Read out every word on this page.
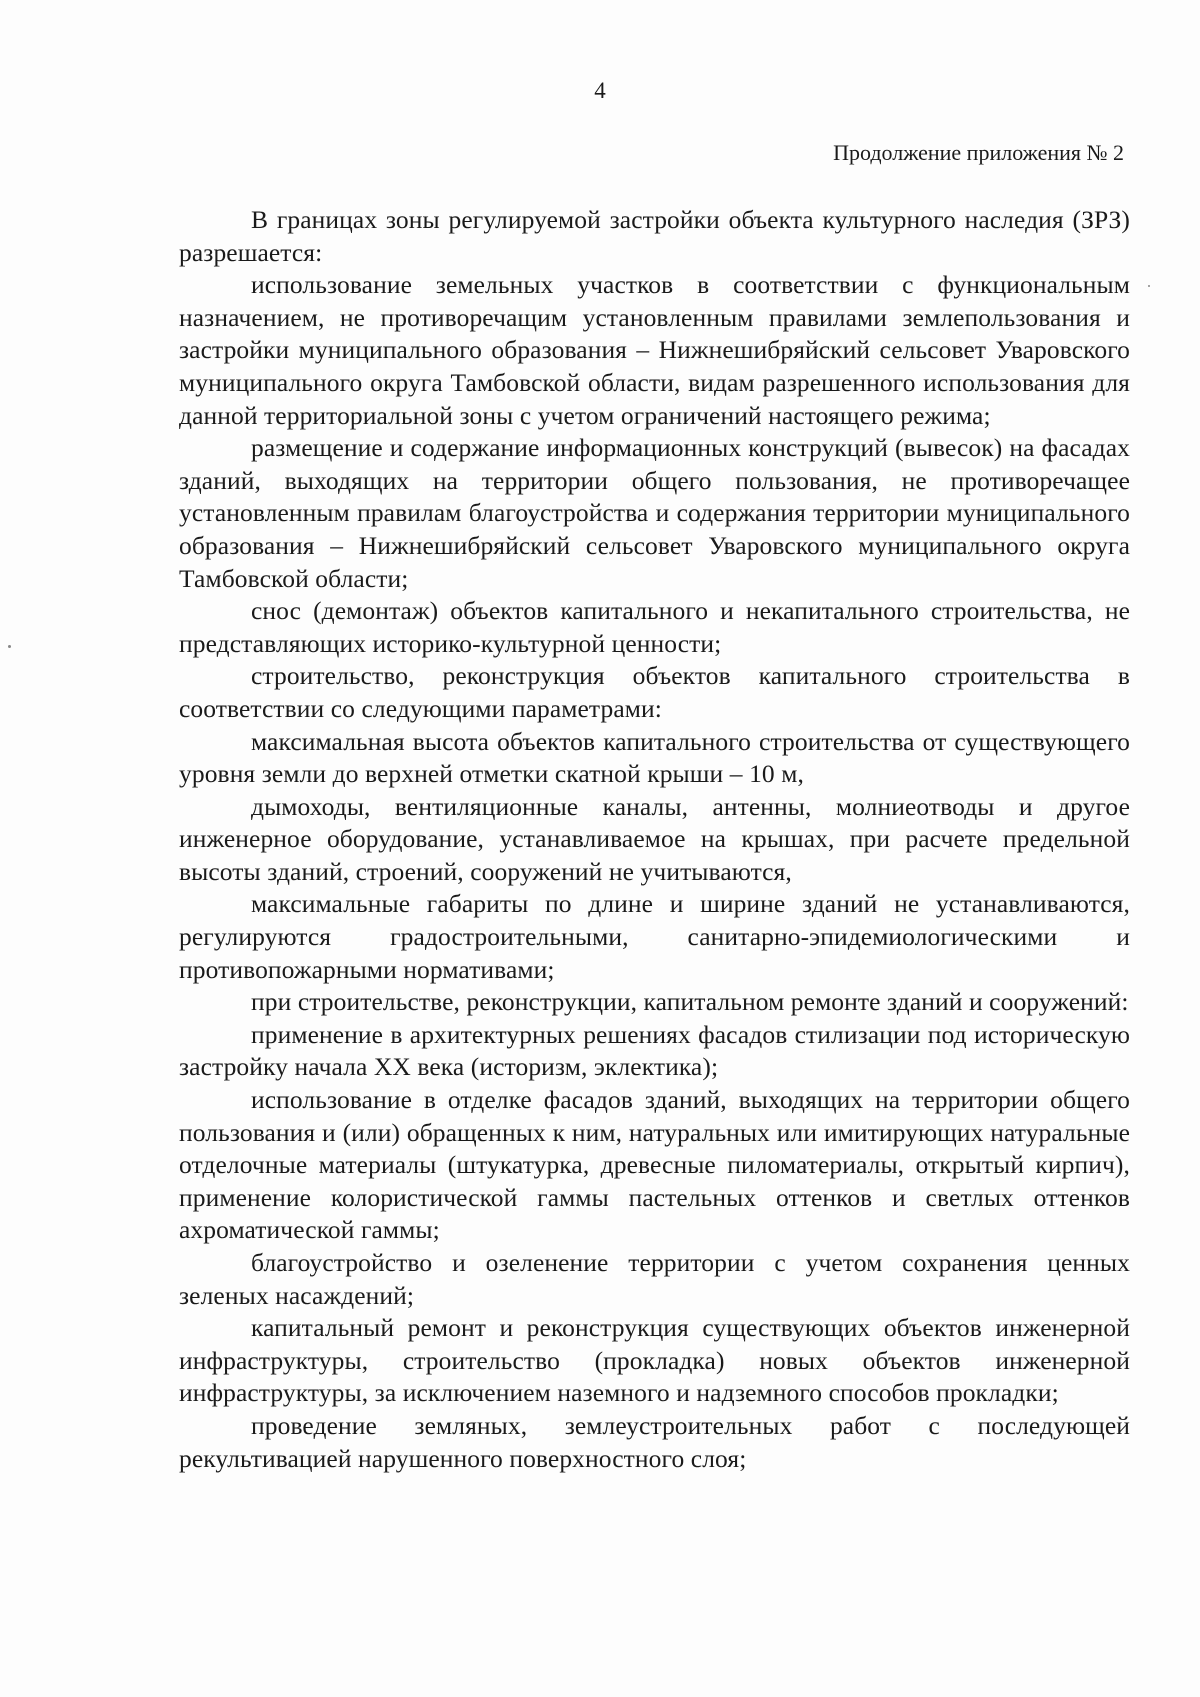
4
Продолжение приложения № 2

В границах зоны регулируемой застройки объекта культурного наследия (ЗРЗ) разрешается:

использование земельных участков в соответствии с функциональным назначением, не противоречащим установленным правилами землепользования и застройки муниципального образования – Нижнешибряйский сельсовет Уваровского муниципального округа Тамбовской области, видам разрешенного использования для данной территориальной зоны с учетом ограничений настоящего режима;

размещение и содержание информационных конструкций (вывесок) на фасадах зданий, выходящих на территории общего пользования, не противоречащее установленным правилам благоустройства и содержания территории муниципального образования – Нижнешибряйский сельсовет Уваровского муниципального округа Тамбовской области;

снос (демонтаж) объектов капитального и некапитального строительства, не представляющих историко-культурной ценности;

строительство, реконструкция объектов капитального строительства в соответствии со следующими параметрами:

максимальная высота объектов капитального строительства от существующего уровня земли до верхней отметки скатной крыши – 10 м,

дымоходы, вентиляционные каналы, антенны, молниеотводы и другое инженерное оборудование, устанавливаемое на крышах, при расчете предельной высоты зданий, строений, сооружений не учитываются,

максимальные габариты по длине и ширине зданий не устанавливаются, регулируются градостроительными, санитарно-эпидемиологическими и противопожарными нормативами;

при строительстве, реконструкции, капитальном ремонте зданий и сооружений:

применение в архитектурных решениях фасадов стилизации под историческую застройку начала XX века (историзм, эклектика);

использование в отделке фасадов зданий, выходящих на территории общего пользования и (или) обращенных к ним, натуральных или имитирующих натуральные отделочные материалы (штукатурка, древесные пиломатериалы, открытый кирпич), применение колористической гаммы пастельных оттенков и светлых оттенков ахроматической гаммы;

благоустройство и озеленение территории с учетом сохранения ценных зеленых насаждений;

капитальный ремонт и реконструкция существующих объектов инженерной инфраструктуры, строительство (прокладка) новых объектов инженерной инфраструктуры, за исключением наземного и надземного способов прокладки;

проведение земляных, землеустроительных работ с последующей рекультивацией нарушенного поверхностного слоя;
